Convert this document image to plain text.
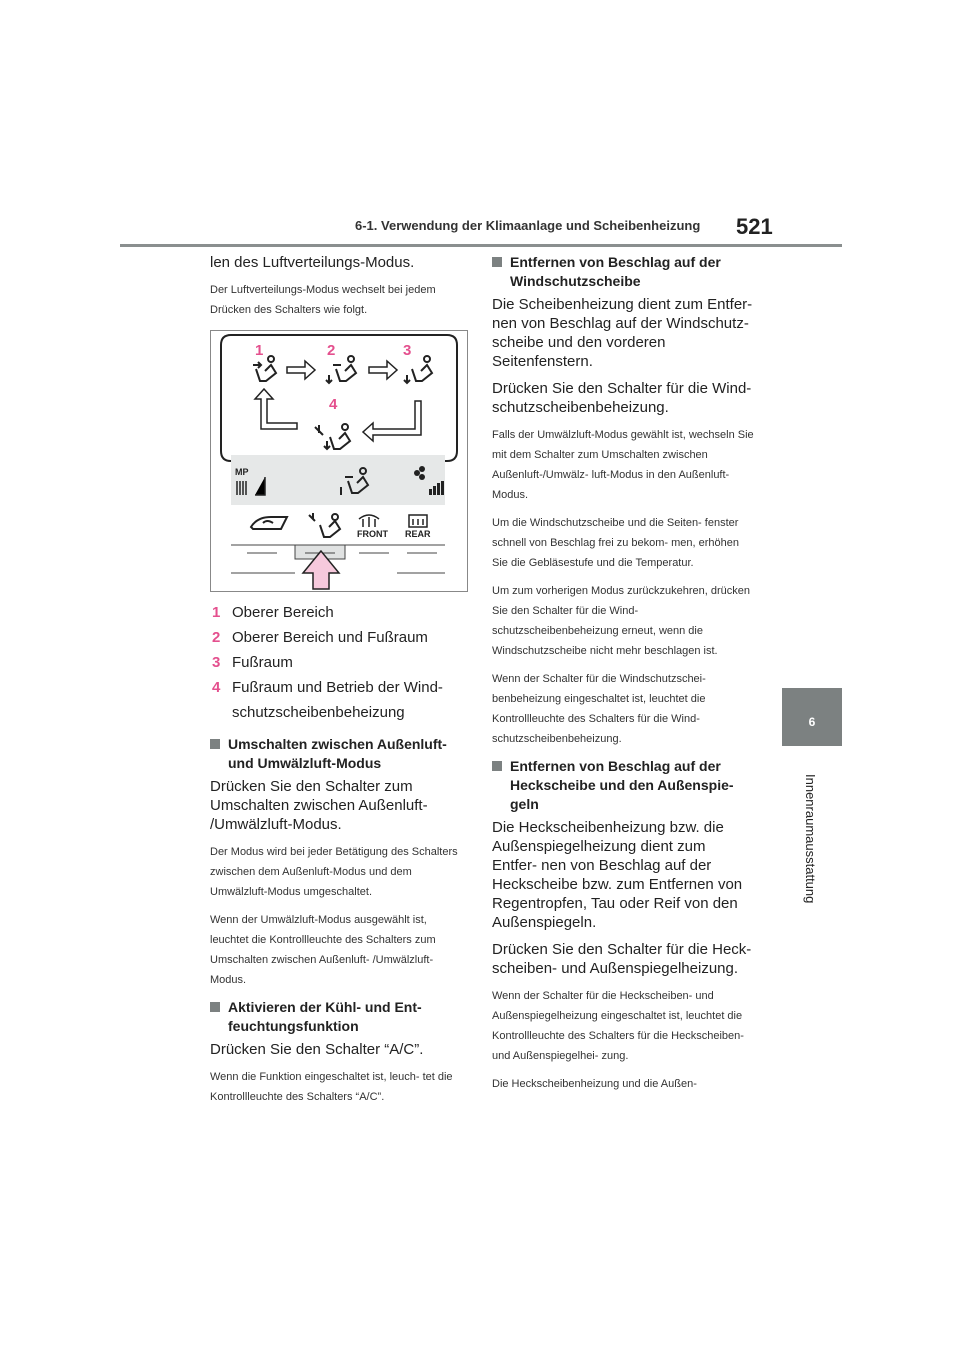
6-1. Verwendung der Klimaanlage und Scheibenheizung 521
6
Innenraumausstattung

len des Luftverteilungs-Modus.

Der Luftverteilungs-Modus wechselt bei jedem Drücken des Schalters wie folgt.

1	2	3
4
MP
FRONT REAR
1 Oberer Bereich
2 Oberer Bereich und Fußraum
3 Fußraum
4 Fußraum und Betrieb der Wind-
schutzscheibenbeheizung
Umschalten zwischen Außenluft- und Umwälzluft-Modus

Drücken Sie den Schalter zum Umschalten zwischen Außenluft- /Umwälzluft-Modus.

Der Modus wird bei jeder Betätigung des Schalters zwischen dem Außenluft-Modus und dem Umwälzluft-Modus umgeschaltet.

Wenn der Umwälzluft-Modus ausgewählt ist, leuchtet die Kontrollleuchte des Schalters zum Umschalten zwischen Außenluft- /Umwälzluft-Modus.

Aktivieren der Kühl- und Ent- feuchtungsfunktion

Drücken Sie den Schalter “A/C”.

Wenn die Funktion eingeschaltet ist, leuch- tet die Kontrollleuchte des Schalters “A/C”.

Entfernen von Beschlag auf der Windschutzscheibe

Die Scheibenheizung dient zum Entfer- nen von Beschlag auf der Windschutz- scheibe und den vorderen Seitenfenstern.

Drücken Sie den Schalter für die Wind- schutzscheibenbeheizung.

Falls der Umwälzluft-Modus gewählt ist, wechseln Sie mit dem Schalter zum Umschalten zwischen Außenluft-/Umwälz- luft-Modus in den Außenluft-Modus.

Um die Windschutzscheibe und die Seiten- fenster schnell von Beschlag frei zu bekom- men, erhöhen Sie die Gebläsestufe und die Temperatur.

Um zum vorherigen Modus zurückzukehren, drücken Sie den Schalter für die Wind- schutzscheibenbeheizung erneut, wenn die Windschutzscheibe nicht mehr beschlagen ist.

Wenn der Schalter für die Windschutzschei- benbeheizung eingeschaltet ist, leuchtet die Kontrollleuchte des Schalters für die Wind- schutzscheibenbeheizung.

Entfernen von Beschlag auf der Heckscheibe und den Außenspie- geln

Die Heckscheibenheizung bzw. die Außenspiegelheizung dient zum Entfer- nen von Beschlag auf der Heckscheibe bzw. zum Entfernen von Regentropfen, Tau oder Reif von den Außenspiegeln.

Drücken Sie den Schalter für die Heck- scheiben- und Außenspiegelheizung.

Wenn der Schalter für die Heckscheiben- und Außenspiegelheizung eingeschaltet ist, leuchtet die Kontrollleuchte des Schalters für die Heckscheiben- und Außenspiegelhei- zung.

Die Heckscheibenheizung und die Außen-
